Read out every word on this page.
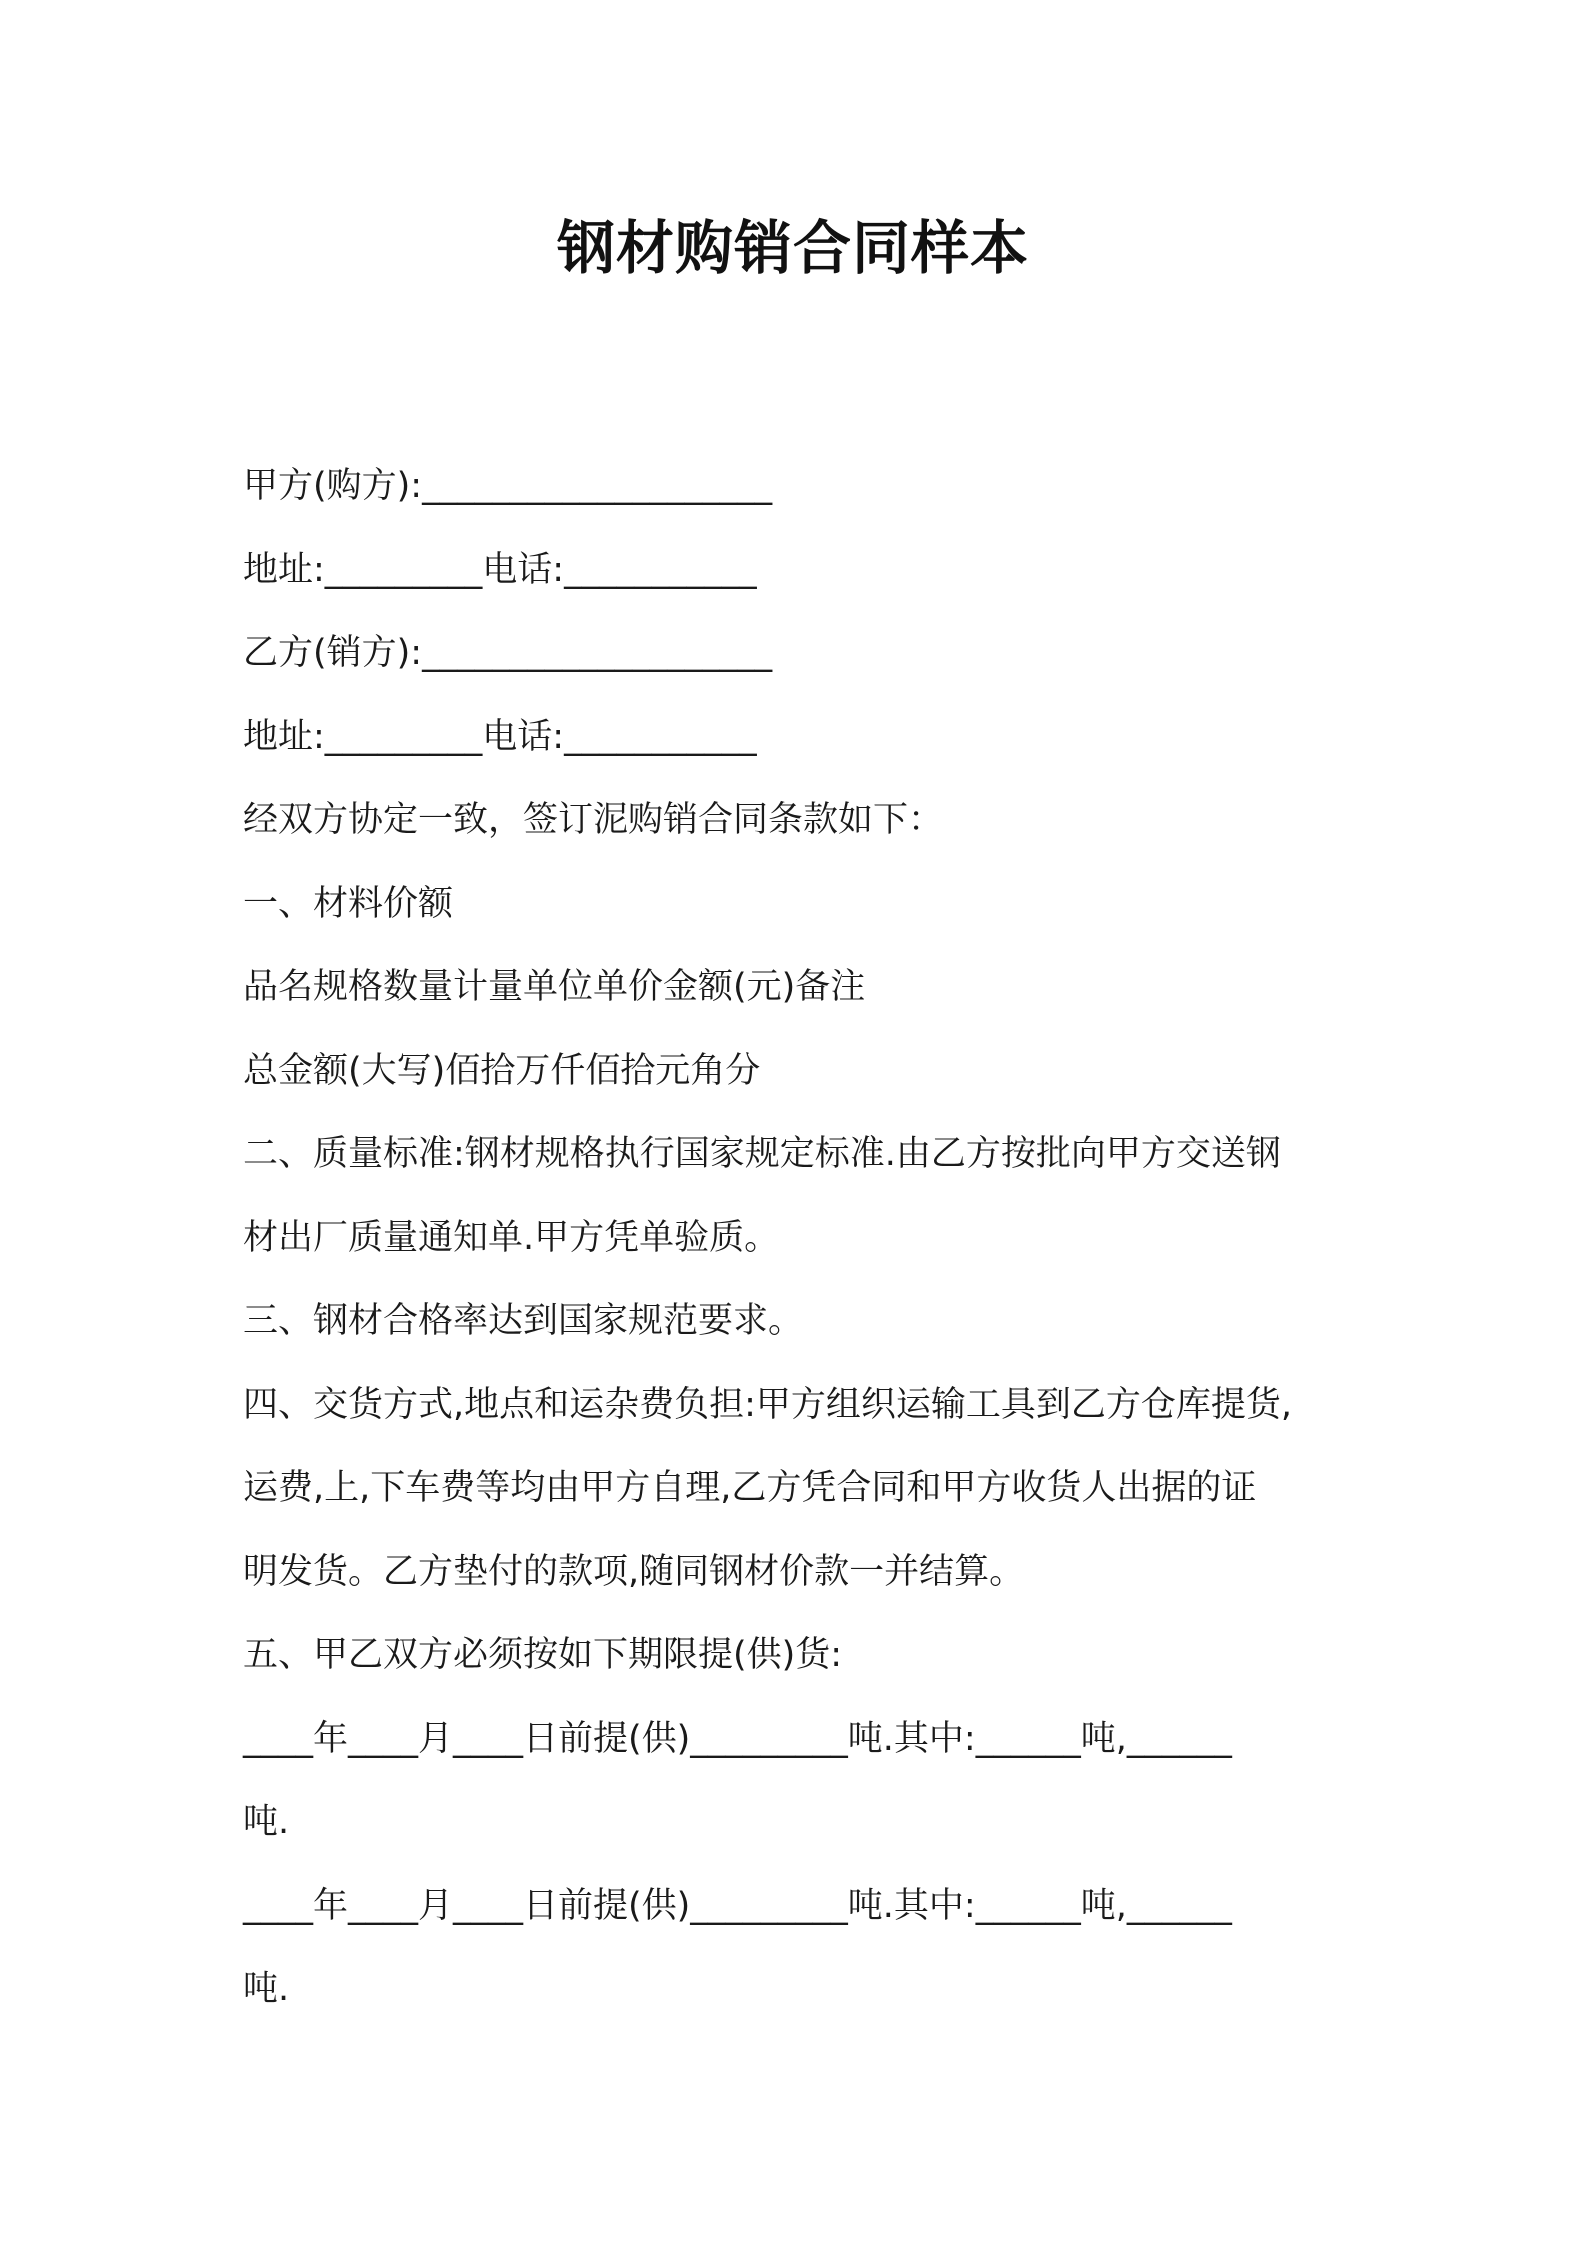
钢材购销合同样本
甲方(购方):____________________
地址:_________电话:___________
乙方(销方):____________________
地址:_________电话:___________
经双方协定一致，签订泥购销合同条款如下：
一、材料价额
品名规格数量计量单位单价金额(元)备注
总金额(大写)佰拾万仟佰拾元角分
二、质量标准:钢材规格执行国家规定标准.由乙方按批向甲方交送钢
材出厂质量通知单.甲方凭单验质。
三、钢材合格率达到国家规范要求。
四、交货方式,地点和运杂费负担:甲方组织运输工具到乙方仓库提货,
运费,上,下车费等均由甲方自理,乙方凭合同和甲方收货人出据的证
明发货。乙方垫付的款项,随同钢材价款一并结算。
五、甲乙双方必须按如下期限提(供)货:
____年____月____日前提(供)_________吨.其中:______吨,______
吨.
____年____月____日前提(供)_________吨.其中:______吨,______
吨.
